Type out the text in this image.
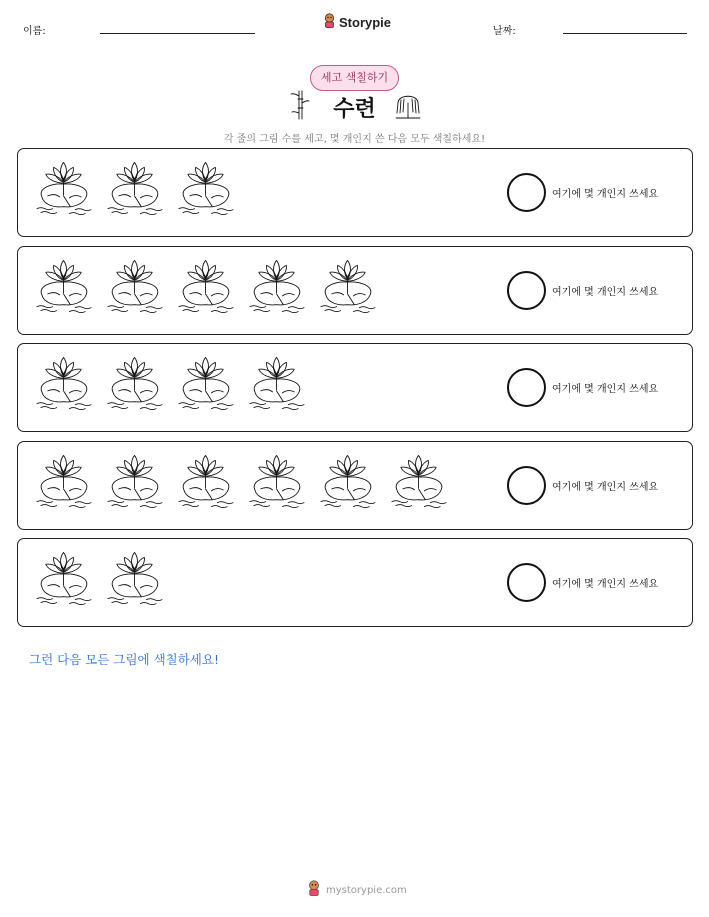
이름:
Storypie
날짜:
세고 색칠하기
수련
각 줄의 그림 수를 세고, 몇 개인지 쓴 다음 모두 색칠하세요!
여기에 몇 개인지 쓰세요
여기에 몇 개인지 쓰세요
여기에 몇 개인지 쓰세요
여기에 몇 개인지 쓰세요
여기에 몇 개인지 쓰세요
그런 다음 모든 그림에 색칠하세요!
mystorypie.com
